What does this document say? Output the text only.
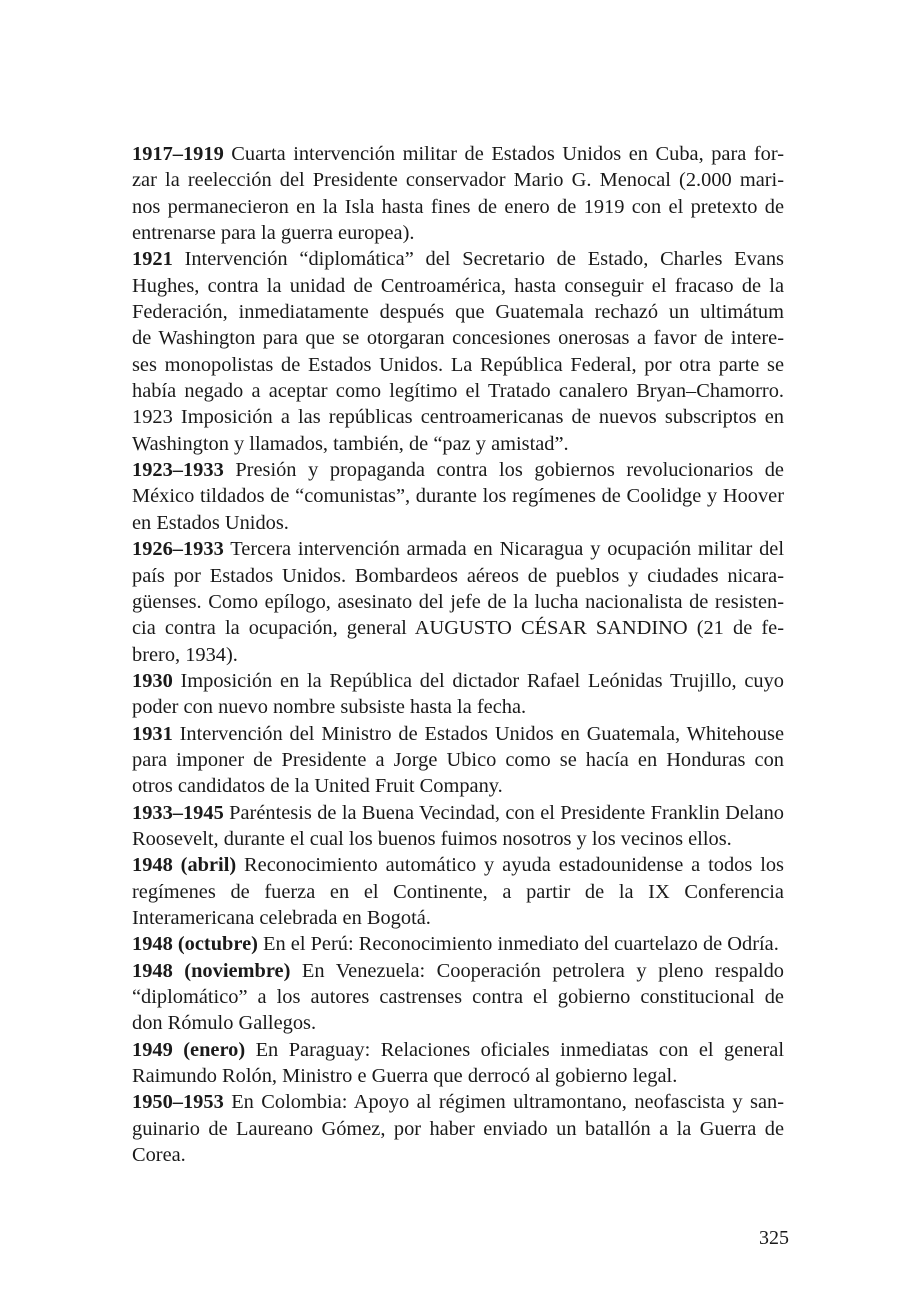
1917–1919 Cuarta intervención militar de Estados Unidos en Cuba, para for-
zar la reelección del Presidente conservador Mario G. Menocal (2.000 mari-
nos permanecieron en la Isla hasta fines de enero de 1919 con el pretexto de
entrenarse para la guerra europea).
1921 Intervención “diplomática” del Secretario de Estado, Charles Evans
Hughes, contra la unidad de Centroamérica, hasta conseguir el fracaso de la
Federación, inmediatamente después que Guatemala rechazó un ultimátum
de Washington para que se otorgaran concesiones onerosas a favor de intere-
ses monopolistas de Estados Unidos. La República Federal, por otra parte se
había negado a aceptar como legítimo el Tratado canalero Bryan–Chamorro.
1923 Imposición a las repúblicas centroamericanas de nuevos subscriptos en
Washington y llamados, también, de “paz y amistad”.
1923–1933 Presión y propaganda contra los gobiernos revolucionarios de
México tildados de “comunistas”, durante los regímenes de Coolidge y Hoover
en Estados Unidos.
1926–1933 Tercera intervención armada en Nicaragua y ocupación militar del
país por Estados Unidos. Bombardeos aéreos de pueblos y ciudades nicara-
güenses. Como epílogo, asesinato del jefe de la lucha nacionalista de resisten-
cia contra la ocupación, general AUGUSTO CÉSAR SANDINO (21 de fe-
brero, 1934).
1930 Imposición en la República del dictador Rafael Leónidas Trujillo, cuyo
poder con nuevo nombre subsiste hasta la fecha.
1931 Intervención del Ministro de Estados Unidos en Guatemala, Whitehouse
para imponer de Presidente a Jorge Ubico como se hacía en Honduras con
otros candidatos de la United Fruit Company.
1933–1945 Paréntesis de la Buena Vecindad, con el Presidente Franklin Delano
Roosevelt, durante el cual los buenos fuimos nosotros y los vecinos ellos.
1948 (abril) Reconocimiento automático y ayuda estadounidense a todos los
regímenes de fuerza en el Continente, a partir de la IX Conferencia
Interamericana celebrada en Bogotá.
1948 (octubre) En el Perú: Reconocimiento inmediato del cuartelazo de Odría.
1948 (noviembre) En Venezuela: Cooperación petrolera y pleno respaldo
“diplomático” a los autores castrenses contra el gobierno constitucional de
don Rómulo Gallegos.
1949 (enero) En Paraguay: Relaciones oficiales inmediatas con el general
Raimundo Rolón, Ministro e Guerra que derrocó al gobierno legal.
1950–1953 En Colombia: Apoyo al régimen ultramontano, neofascista y san-
guinario de Laureano Gómez, por haber enviado un batallón a la Guerra de
Corea.
325
